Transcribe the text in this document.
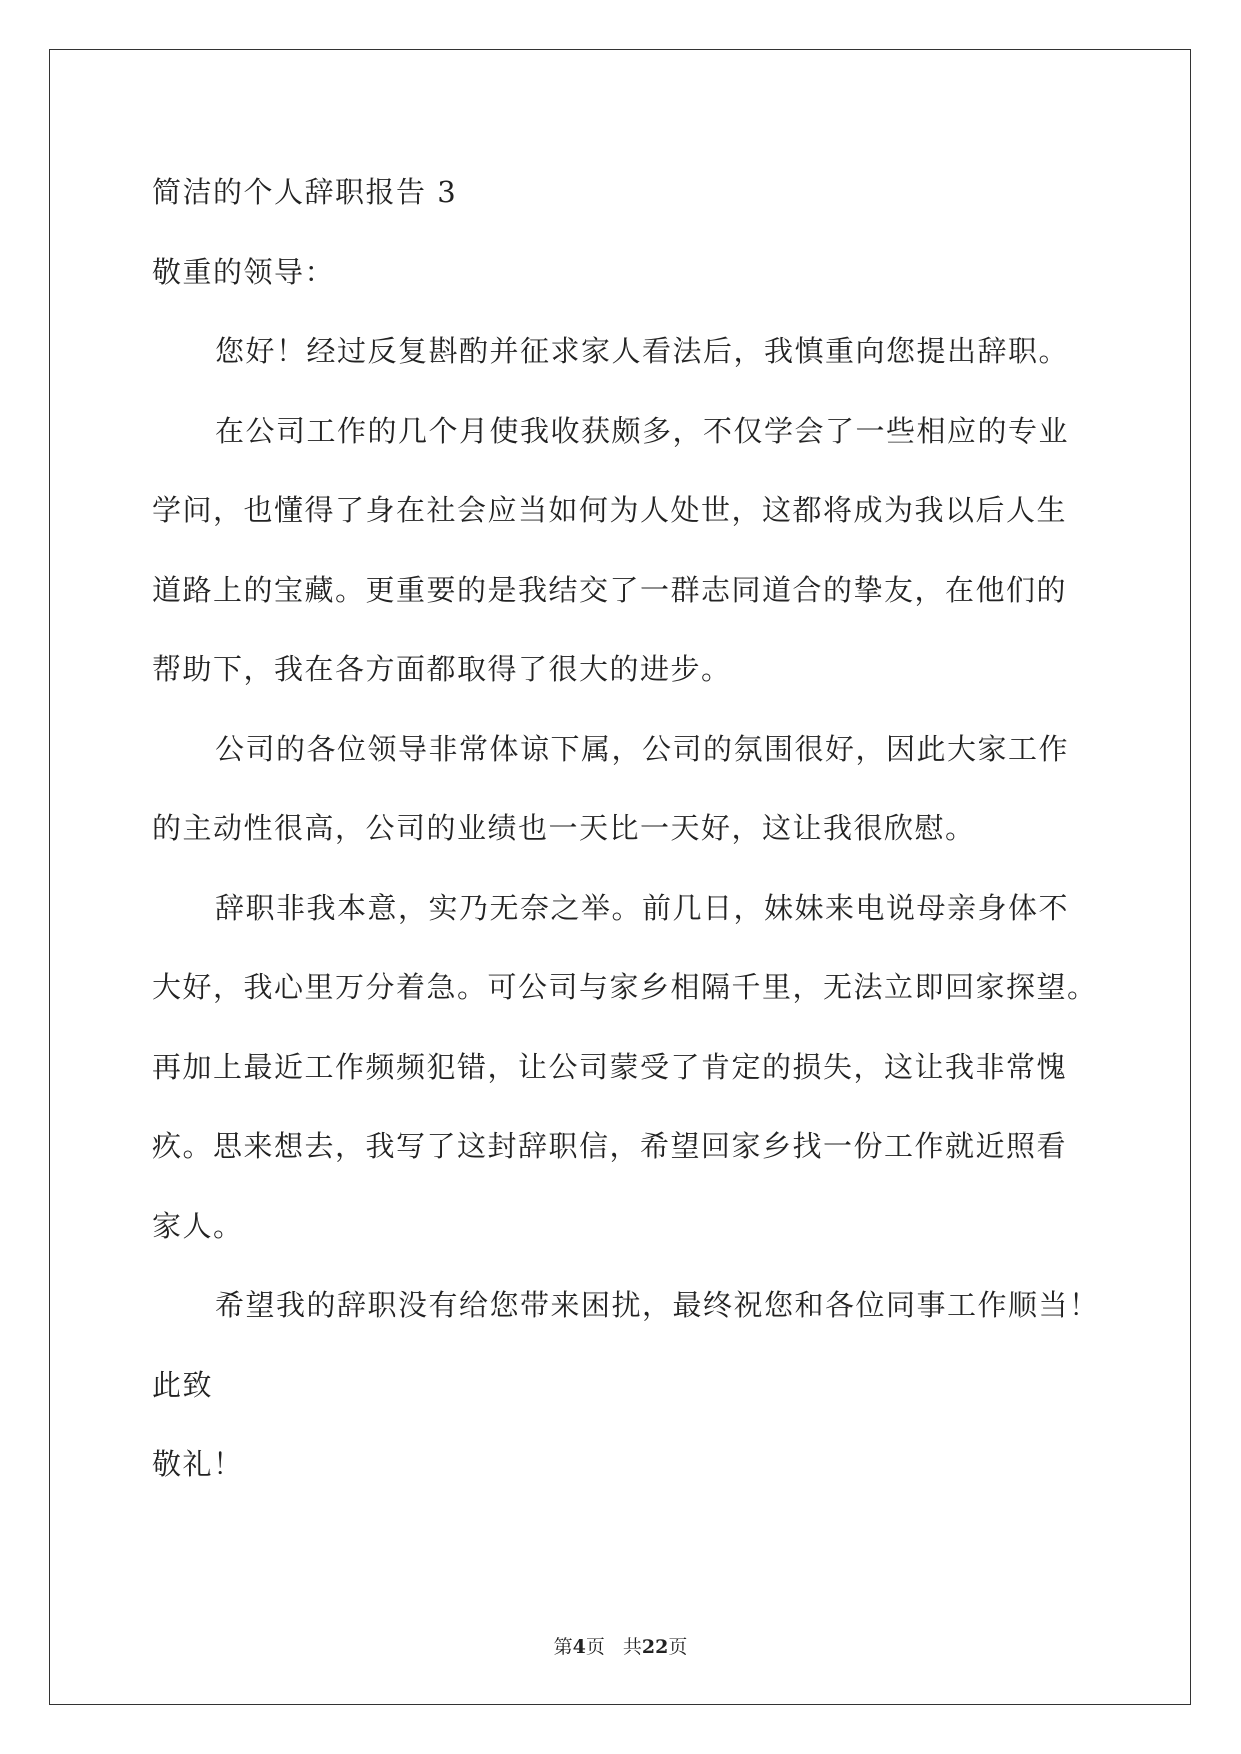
简洁的个人辞职报告 3
敬重的领导：
您好！经过反复斟酌并征求家人看法后，我慎重向您提出辞职。
在公司工作的几个月使我收获颇多，不仅学会了一些相应的专业
学问，也懂得了身在社会应当如何为人处世，这都将成为我以后人生
道路上的宝藏。更重要的是我结交了一群志同道合的挚友，在他们的
帮助下，我在各方面都取得了很大的进步。
公司的各位领导非常体谅下属，公司的氛围很好，因此大家工作
的主动性很高，公司的业绩也一天比一天好，这让我很欣慰。
辞职非我本意，实乃无奈之举。前几日，妹妹来电说母亲身体不
大好，我心里万分着急。可公司与家乡相隔千里，无法立即回家探望。
再加上最近工作频频犯错，让公司蒙受了肯定的损失，这让我非常愧
疚。思来想去，我写了这封辞职信，希望回家乡找一份工作就近照看
家人。
希望我的辞职没有给您带来困扰，最终祝您和各位同事工作顺当！
此致
敬礼！
第4页 共22页
